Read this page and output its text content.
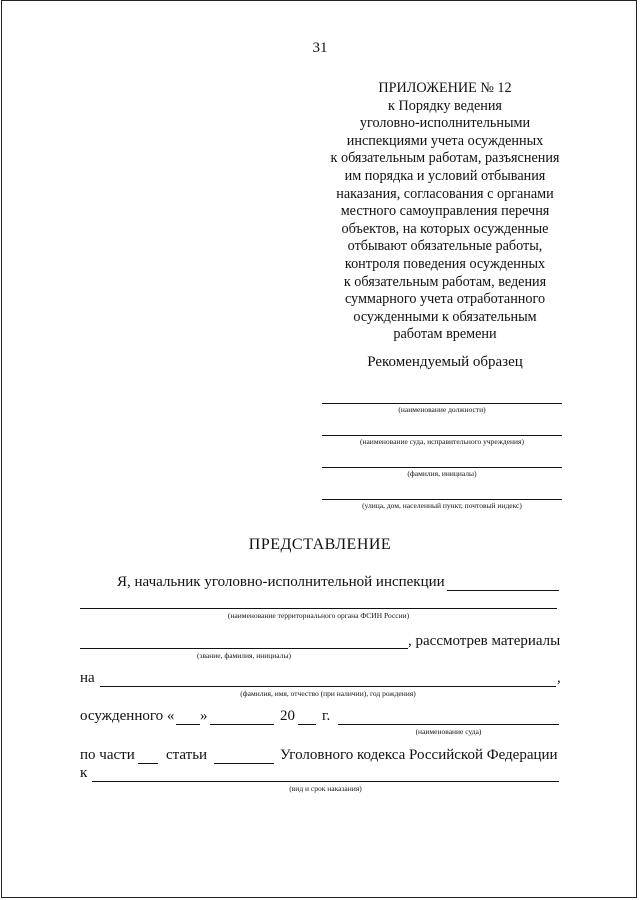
31
ПРИЛОЖЕНИЕ № 12
к Порядку ведения
уголовно-исполнительными
инспекциями учета осужденных
к обязательным работам, разъяснения
им порядка и условий отбывания
наказания, согласования с органами
местного самоуправления перечня
объектов, на которых осужденные
отбывают обязательные работы,
контроля поведения осужденных
к обязательным работам, ведения
суммарного учета отработанного
осужденными к обязательным
работам времени
Рекомендуемый образец
(наименование должности)
(наименование суда, исправительного учреждения)
(фамилия, инициалы)
(улица, дом, населенный пункт, почтовый индекс)
ПРЕДСТАВЛЕНИЕ
Я, начальник уголовно-исполнительной инспекции
(наименование территориального органа ФСИН России)
, рассмотрев материалы
(звание, фамилия, инициалы)
на	,
(фамилия, имя, отчество (при наличии), год рождения)
осужденного « »	20 г.
(наименование суда)
по части статьи	Уголовного кодекса Российской Федерации
к
(вид и срок наказания)
